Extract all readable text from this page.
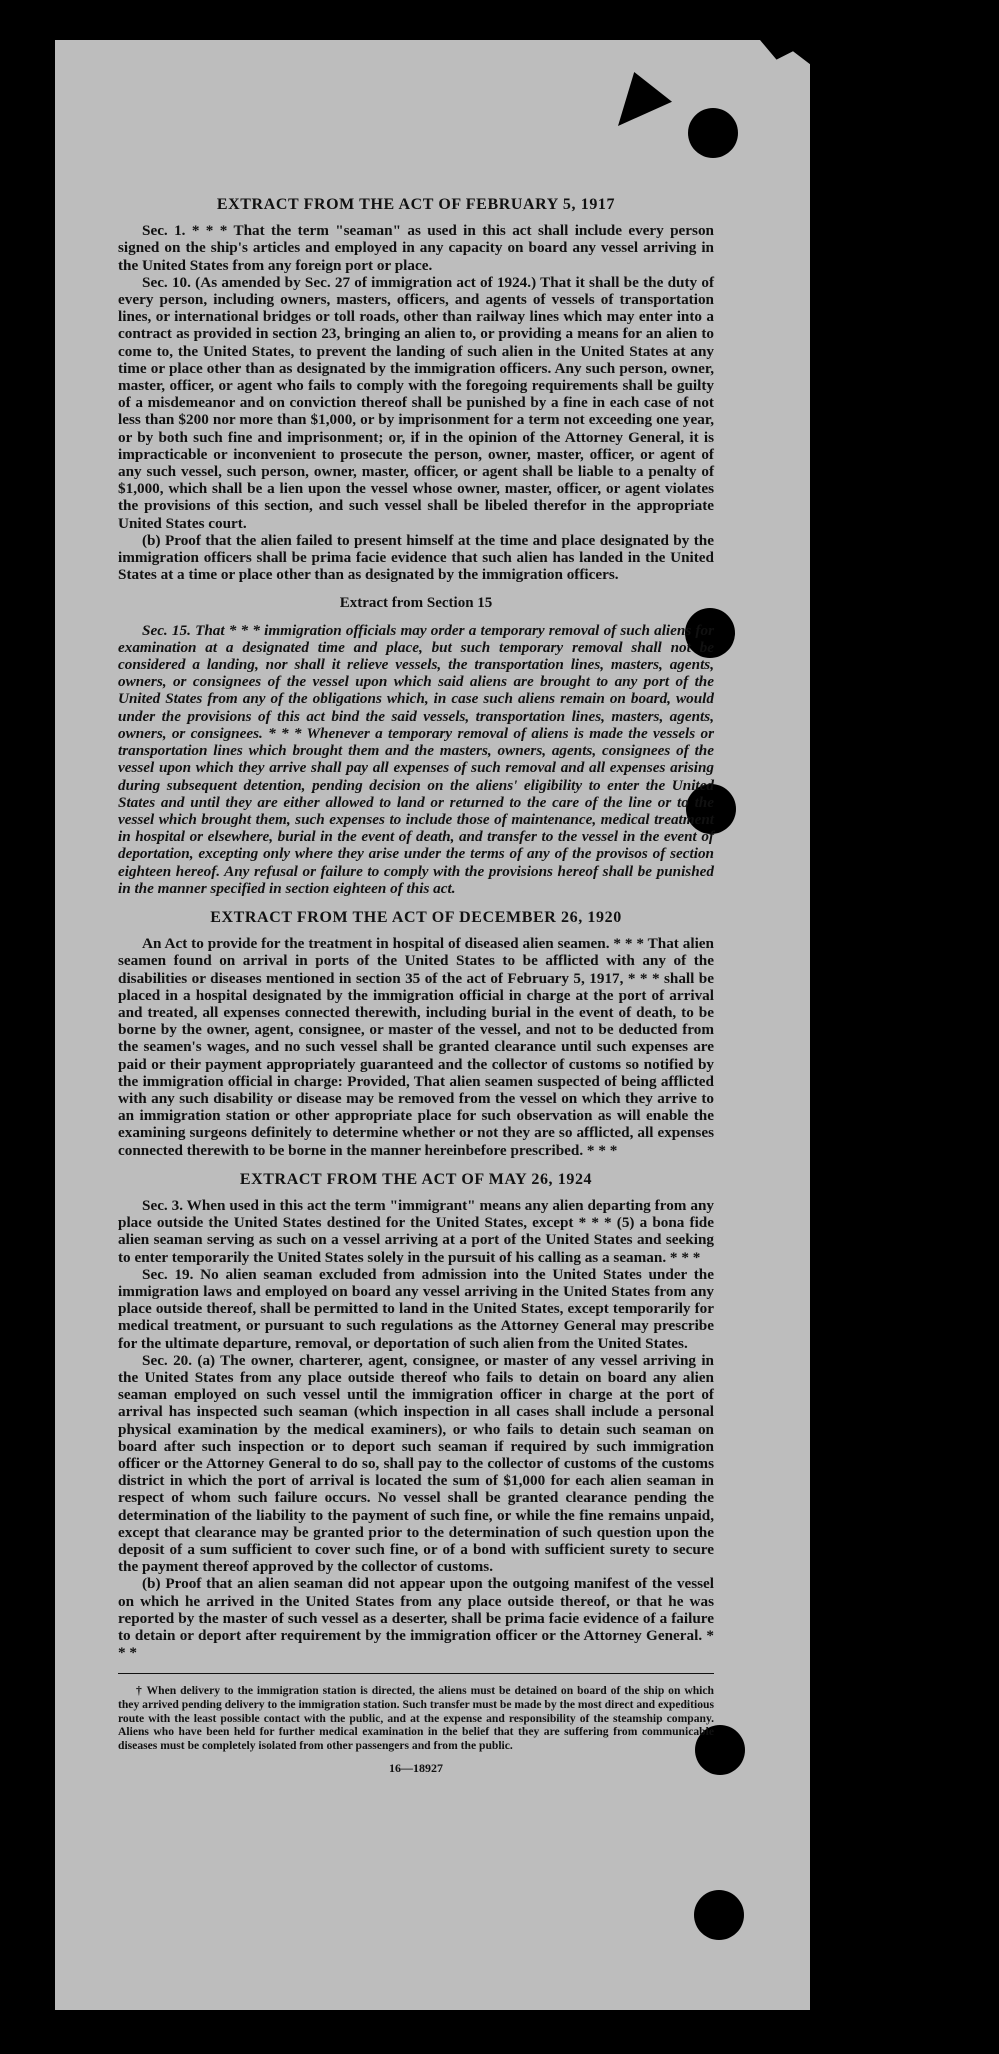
EXTRACT FROM THE ACT OF FEBRUARY 5, 1917

Sec. 1. * * * That the term "seaman" as used in this act shall include every person signed on the ship's articles and employed in any capacity on board any vessel arriving in the United States from any foreign port or place.

Sec. 10. (As amended by Sec. 27 of immigration act of 1924.) That it shall be the duty of every person, including owners, masters, officers, and agents of vessels of transportation lines, or international bridges or toll roads, other than railway lines which may enter into a contract as provided in section 23, bringing an alien to, or providing a means for an alien to come to, the United States, to prevent the landing of such alien in the United States at any time or place other than as designated by the immigration officers. Any such person, owner, master, officer, or agent who fails to comply with the foregoing requirements shall be guilty of a misdemeanor and on conviction thereof shall be punished by a fine in each case of not less than $200 nor more than $1,000, or by imprisonment for a term not exceeding one year, or by both such fine and imprisonment; or, if in the opinion of the Attorney General, it is impracticable or inconvenient to prosecute the person, owner, master, officer, or agent of any such vessel, such person, owner, master, officer, or agent shall be liable to a penalty of $1,000, which shall be a lien upon the vessel whose owner, master, officer, or agent violates the provisions of this section, and such vessel shall be libeled therefor in the appropriate United States court.

(b) Proof that the alien failed to present himself at the time and place designated by the immigration officers shall be prima facie evidence that such alien has landed in the United States at a time or place other than as designated by the immigration officers.

Extract from Section 15

Sec. 15. That * * * immigration officials may order a temporary removal of such aliens for examination at a designated time and place, but such temporary removal shall not be considered a landing, nor shall it relieve vessels, the transportation lines, masters, agents, owners, or consignees of the vessel upon which said aliens are brought to any port of the United States from any of the obligations which, in case such aliens remain on board, would under the provisions of this act bind the said vessels, transportation lines, masters, agents, owners, or consignees. * * * Whenever a temporary removal of aliens is made the vessels or transportation lines which brought them and the masters, owners, agents, consignees of the vessel upon which they arrive shall pay all expenses of such removal and all expenses arising during subsequent detention, pending decision on the aliens' eligibility to enter the United States and until they are either allowed to land or returned to the care of the line or to the vessel which brought them, such expenses to include those of maintenance, medical treatment in hospital or elsewhere, burial in the event of death, and transfer to the vessel in the event of deportation, excepting only where they arise under the terms of any of the provisos of section eighteen hereof. Any refusal or failure to comply with the provisions hereof shall be punished in the manner specified in section eighteen of this act.

EXTRACT FROM THE ACT OF DECEMBER 26, 1920

An Act to provide for the treatment in hospital of diseased alien seamen. * * * That alien seamen found on arrival in ports of the United States to be afflicted with any of the disabilities or diseases mentioned in section 35 of the act of February 5, 1917, * * * shall be placed in a hospital designated by the immigration official in charge at the port of arrival and treated, all expenses connected therewith, including burial in the event of death, to be borne by the owner, agent, consignee, or master of the vessel, and not to be deducted from the seamen's wages, and no such vessel shall be granted clearance until such expenses are paid or their payment appropriately guaranteed and the collector of customs so notified by the immigration official in charge: Provided, That alien seamen suspected of being afflicted with any such disability or disease may be removed from the vessel on which they arrive to an immigration station or other appropriate place for such observation as will enable the examining surgeons definitely to determine whether or not they are so afflicted, all expenses connected therewith to be borne in the manner hereinbefore prescribed. * * *

EXTRACT FROM THE ACT OF MAY 26, 1924

Sec. 3. When used in this act the term "immigrant" means any alien departing from any place outside the United States destined for the United States, except * * * (5) a bona fide alien seaman serving as such on a vessel arriving at a port of the United States and seeking to enter temporarily the United States solely in the pursuit of his calling as a seaman. * * *

Sec. 19. No alien seaman excluded from admission into the United States under the immigration laws and employed on board any vessel arriving in the United States from any place outside thereof, shall be permitted to land in the United States, except temporarily for medical treatment, or pursuant to such regulations as the Attorney General may prescribe for the ultimate departure, removal, or deportation of such alien from the United States.

Sec. 20. (a) The owner, charterer, agent, consignee, or master of any vessel arriving in the United States from any place outside thereof who fails to detain on board any alien seaman employed on such vessel until the immigration officer in charge at the port of arrival has inspected such seaman (which inspection in all cases shall include a personal physical examination by the medical examiners), or who fails to detain such seaman on board after such inspection or to deport such seaman if required by such immigration officer or the Attorney General to do so, shall pay to the collector of customs of the customs district in which the port of arrival is located the sum of $1,000 for each alien seaman in respect of whom such failure occurs. No vessel shall be granted clearance pending the determination of the liability to the payment of such fine, or while the fine remains unpaid, except that clearance may be granted prior to the determination of such question upon the deposit of a sum sufficient to cover such fine, or of a bond with sufficient surety to secure the payment thereof approved by the collector of customs.

(b) Proof that an alien seaman did not appear upon the outgoing manifest of the vessel on which he arrived in the United States from any place outside thereof, or that he was reported by the master of such vessel as a deserter, shall be prima facie evidence of a failure to detain or deport after requirement by the immigration officer or the Attorney General. * * *

† When delivery to the immigration station is directed, the aliens must be detained on board of the ship on which they arrived pending delivery to the immigration station. Such transfer must be made by the most direct and expeditious route with the least possible contact with the public, and at the expense and responsibility of the steamship company. Aliens who have been held for further medical examination in the belief that they are suffering from communicable diseases must be completely isolated from other passengers and from the public.

16—18927
